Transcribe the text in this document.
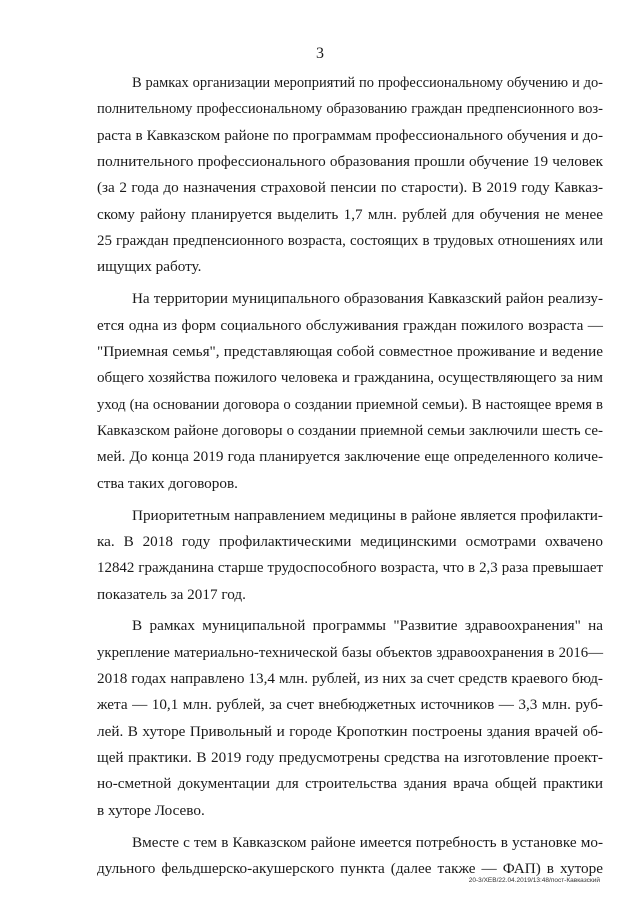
3
В рамках организации мероприятий по профессиональному обучению и до-
полнительному профессиональному образованию граждан предпенсионного воз-
раста в Кавказском районе по программам профессионального обучения и до-
полнительного профессионального образования прошли обучение 19 человек
(за 2 года до назначения страховой пенсии по старости). В 2019 году Кавказ-
скому району планируется выделить 1,7 млн. рублей для обучения не менее
25 граждан предпенсионного возраста, состоящих в трудовых отношениях или
ищущих работу.
На территории муниципального образования Кавказский район реализу-
ется одна из форм социального обслуживания граждан пожилого возраста —
"Приемная семья", представляющая собой совместное проживание и ведение
общего хозяйства пожилого человека и гражданина, осуществляющего за ним
уход (на основании договора о создании приемной семьи). В настоящее время в
Кавказском районе договоры о создании приемной семьи заключили шесть се-
мей. До конца 2019 года планируется заключение еще определенного количе-
ства таких договоров.
Приоритетным направлением медицины в районе является профилакти-
ка. В 2018 году профилактическими медицинскими осмотрами охвачено
12842 гражданина старше трудоспособного возраста, что в 2,3 раза превышает
показатель за 2017 год.
В рамках муниципальной программы "Развитие здравоохранения" на
укрепление материально-технической базы объектов здравоохранения в 2016—
2018 годах направлено 13,4 млн. рублей, из них за счет средств краевого бюд-
жета — 10,1 млн. рублей, за счет внебюджетных источников — 3,3 млн. руб-
лей. В хуторе Привольный и городе Кропоткин построены здания врачей об-
щей практики. В 2019 году предусмотрены средства на изготовление проект-
но-сметной документации для строительства здания врача общей практики
в хуторе Лосево.
Вместе с тем в Кавказском районе имеется потребность в установке мо-
дульного фельдшерско-акушерского пункта (далее также — ФАП) в хуторе
20-3/ХЕВ/22.04.2019/13:48/пост-Кавказский
